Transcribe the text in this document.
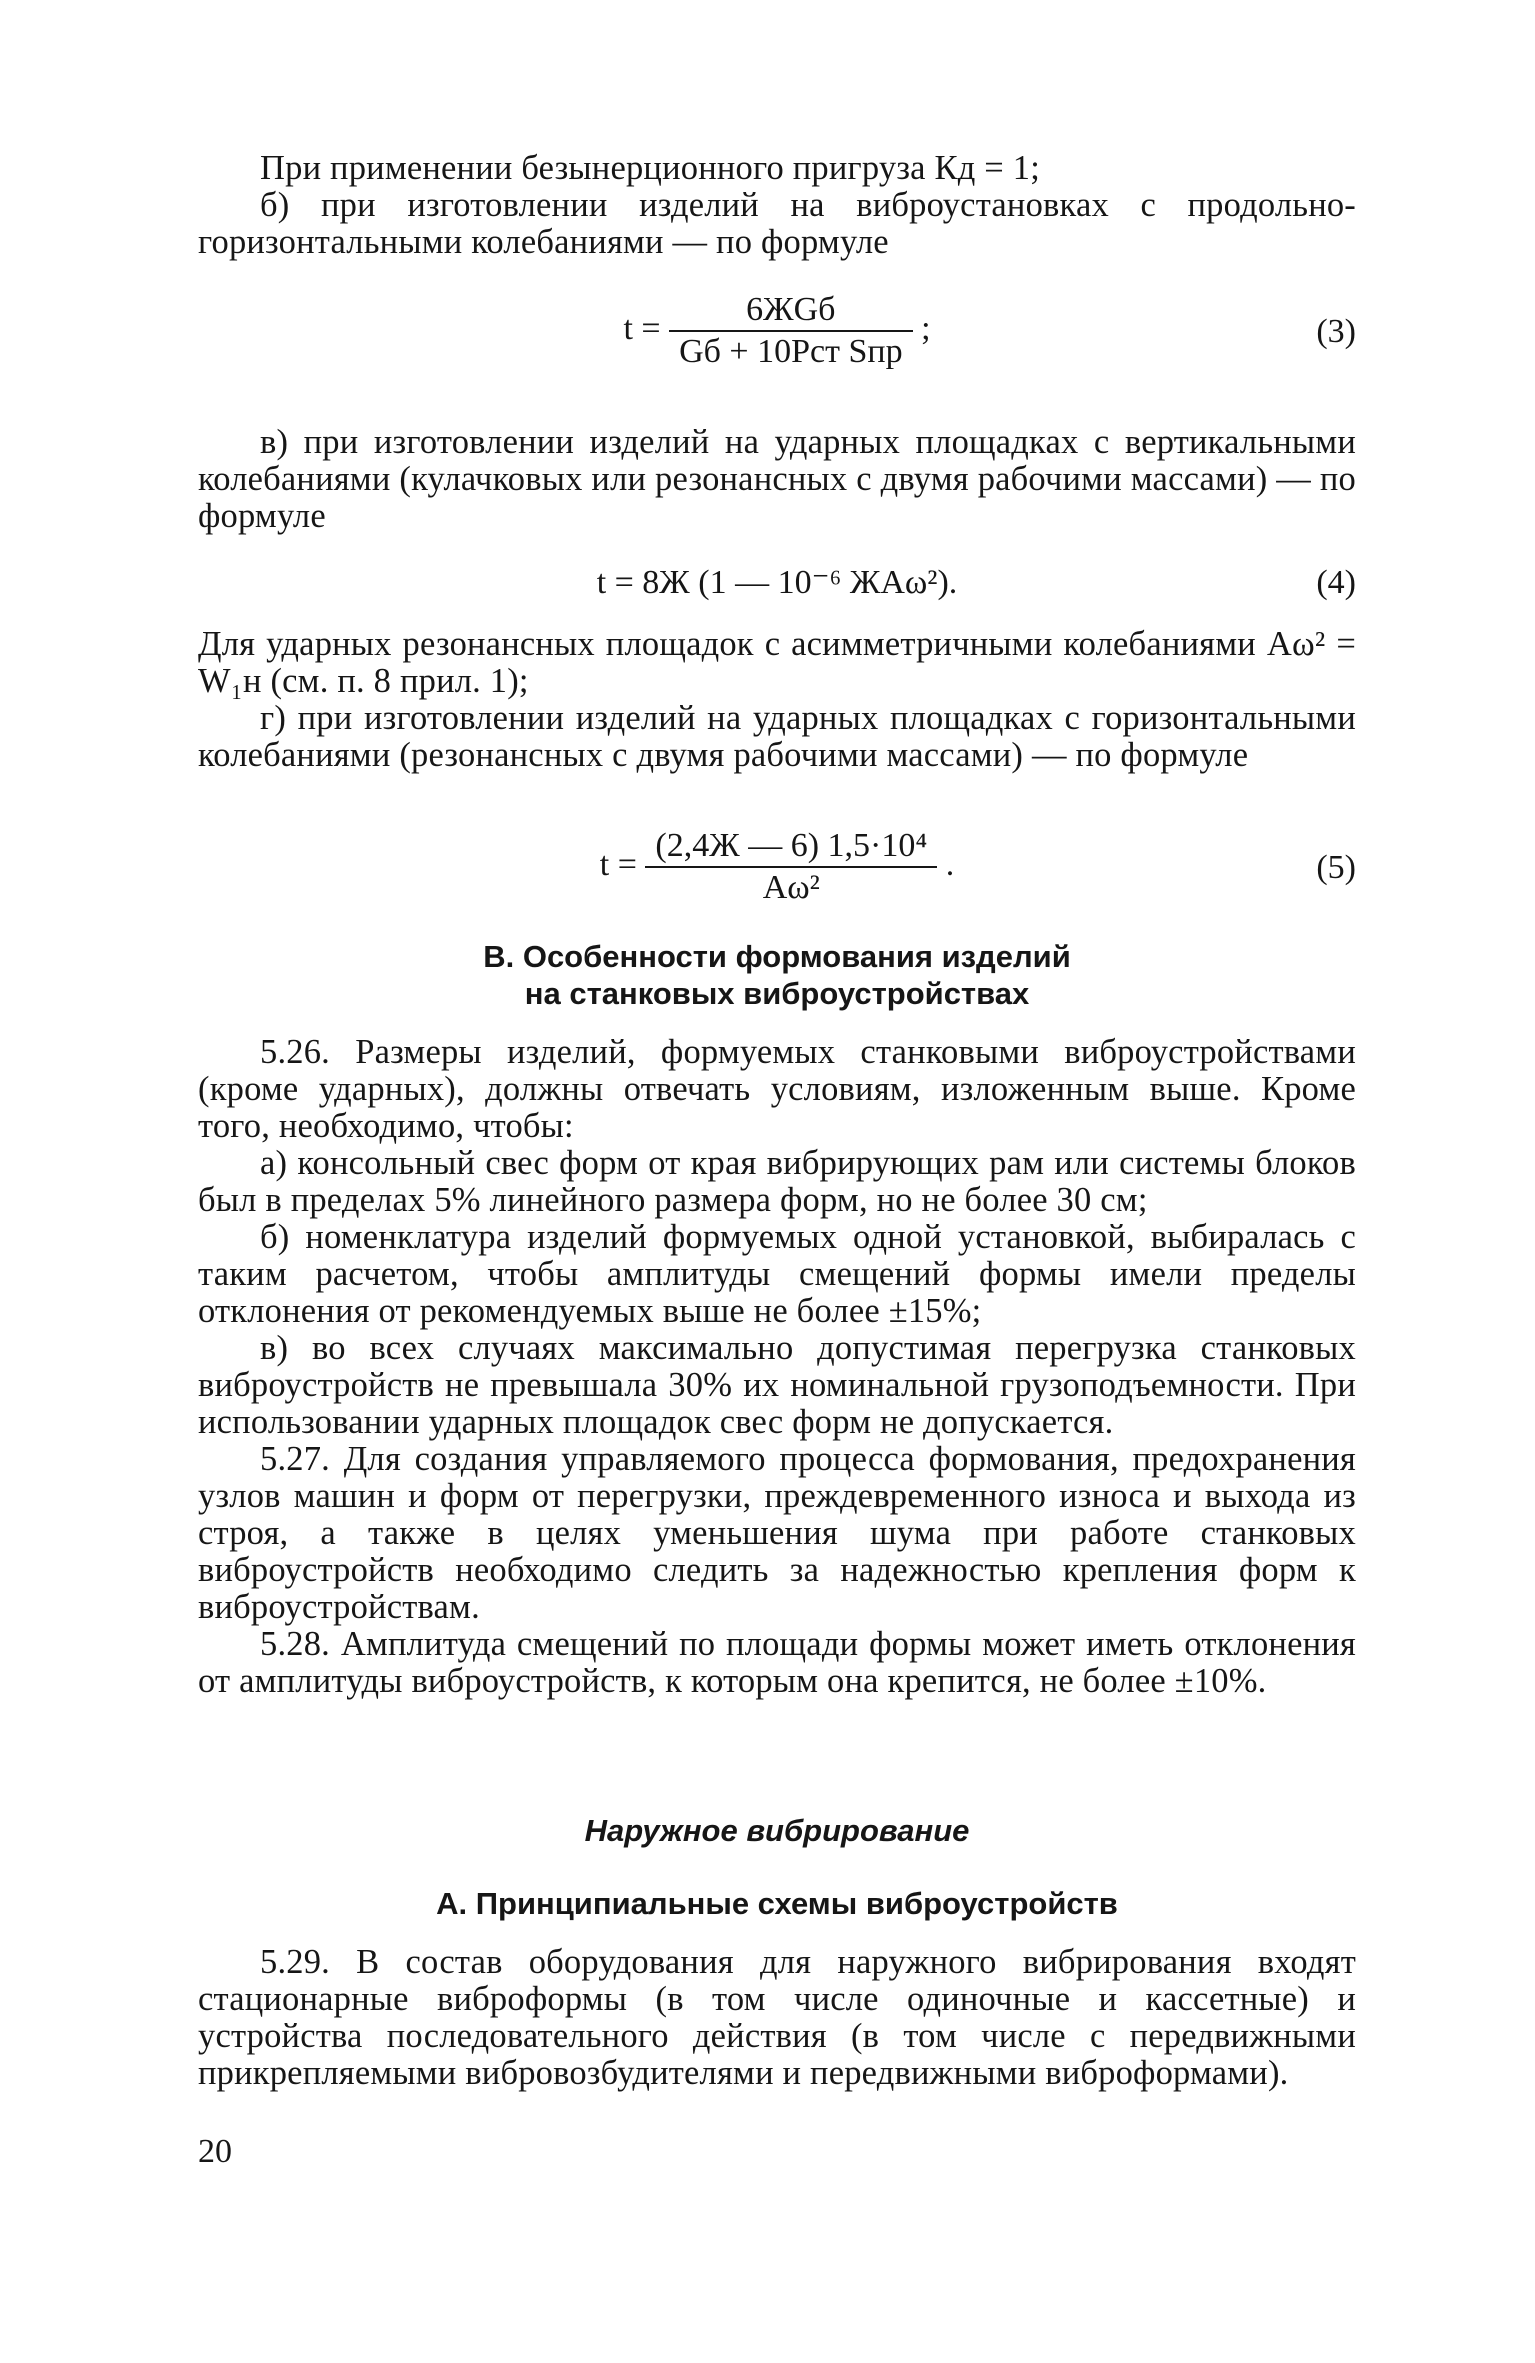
При применении безынерционного пригруза Кд = 1;

б) при изготовлении изделий на виброустановках с продольно-горизонтальными колебаниями — по формуле

$t = \frac{\text{6ЖGб}}{\text{Gб + 10Pст Sпр}}$ ;	(3)

в) при изготовлении изделий на ударных площадках с вертикальными колебаниями (кулачковых или резонансных с двумя рабочими массами) — по формуле

t = 8Ж (1 — 10⁻⁶ ЖАω²).	(4)

Для ударных резонансных площадок с асимметричными колебаниями Аω² = W₁н (см. п. 8 прил. 1);

г) при изготовлении изделий на ударных площадках с горизонтальными колебаниями (резонансных с двумя рабочими массами) — по формуле

$t = \frac{\text{(2,4Ж — 6) 1,5·10⁴}}{\text{Аω²}}$ .	(5)
В. Особенности формования изделий
на станковых виброустройствах

5.26. Размеры изделий, формуемых станковыми виброустройствами (кроме ударных), должны отвечать условиям, изложенным выше. Кроме того, необходимо, чтобы:

а) консольный свес форм от края вибрирующих рам или системы блоков был в пределах 5% линейного размера форм, но не более 30 см;

б) номенклатура изделий формуемых одной установкой, выбиралась с таким расчетом, чтобы амплитуды смещений формы имели пределы отклонения от рекомендуемых выше не более ±15%;

в) во всех случаях максимально допустимая перегрузка станковых виброустройств не превышала 30% их номинальной грузоподъемности. При использовании ударных площадок свес форм не допускается.

5.27. Для создания управляемого процесса формования, предохранения узлов машин и форм от перегрузки, преждевременного износа и выхода из строя, а также в целях уменьшения шума при работе станковых виброустройств необходимо следить за надежностью крепления форм к виброустройствам.

5.28. Амплитуда смещений по площади формы может иметь отклонения от амплитуды виброустройств, к которым она крепится, не более ±10%.

Наружное вибрирование
А. Принципиальные схемы виброустройств

5.29. В состав оборудования для наружного вибрирования входят стационарные виброформы (в том числе одиночные и кассетные) и устройства последовательного действия (в том числе с передвижными прикрепляемыми вибровозбудителями и передвижными виброформами).

20
